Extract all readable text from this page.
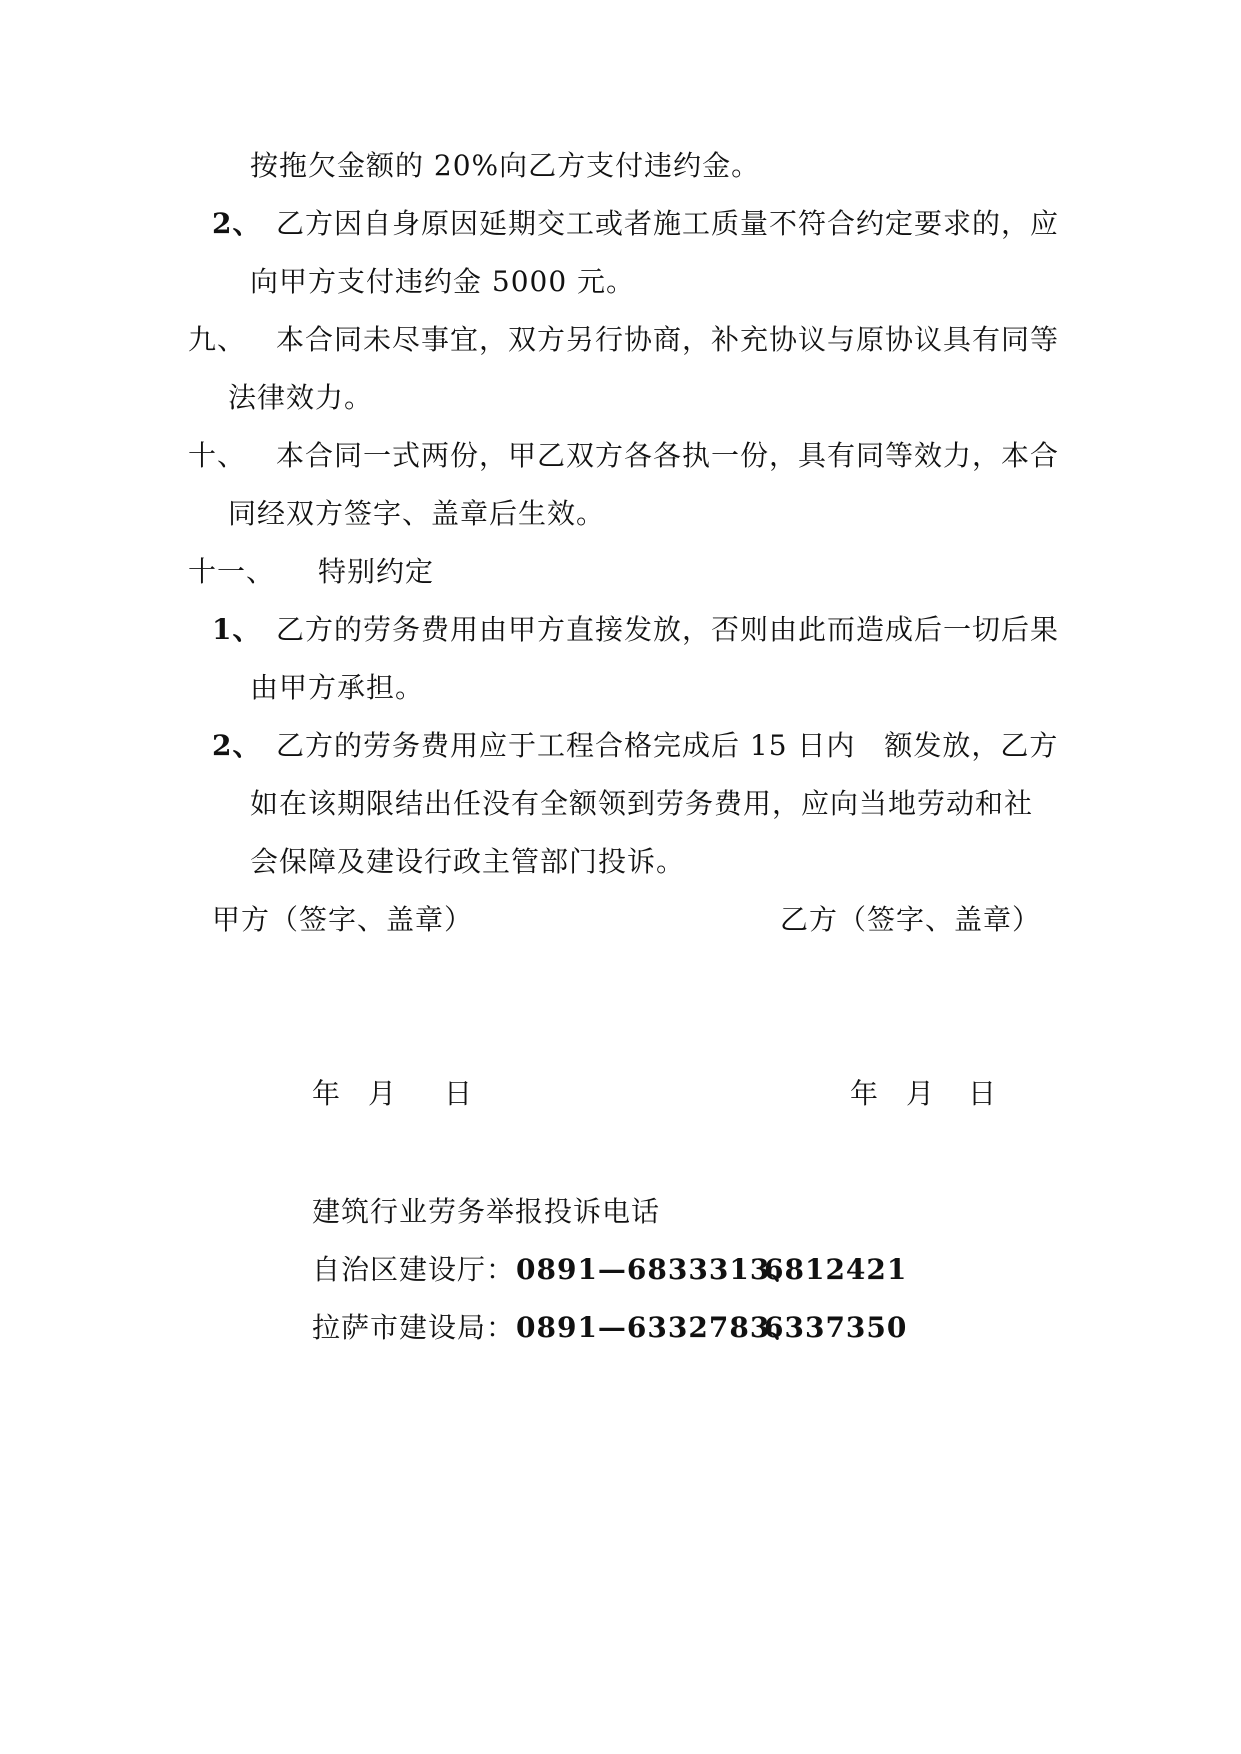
按拖欠金额的 20%向乙方支付违约金。
2、 乙方因自身原因延期交工或者施工质量不符合约定要求的，应
向甲方支付违约金 5000 元。
九、 本合同未尽事宜，双方另行协商，补充协议与原协议具有同等
法律效力。
十、 本合同一式两份，甲乙双方各各执一份，具有同等效力，本合
同经双方签字、盖章后生效。
十一、 特别约定
1、 乙方的劳务费用由甲方直接发放，否则由此而造成后一切后果
由甲方承担。
2、 乙方的劳务费用应于工程合格完成后 15 日内　额发放，乙方
如在该期限结出任没有全额领到劳务费用，应向当地劳动和社
会保障及建设行政主管部门投诉。
甲方（签字、盖章）	乙方（签字、盖章）
年 月 日	年 月 日
建筑行业劳务举报投诉电话
自治区建设厅： 0891—6833313、
6812421
拉萨市建设局： 0891—6332783、
6337350
